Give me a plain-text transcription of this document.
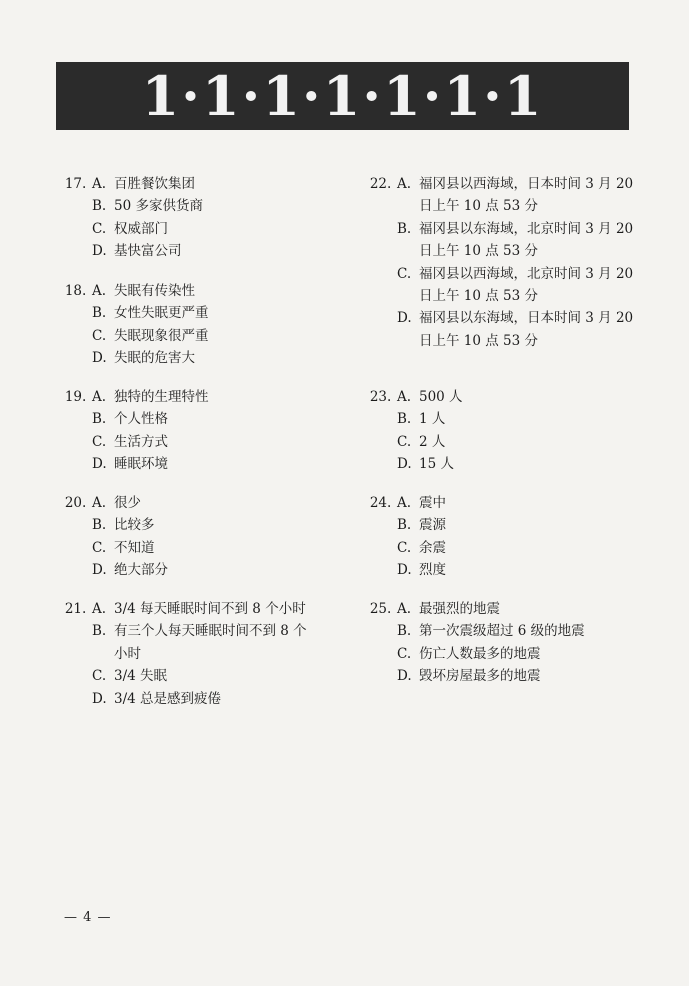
1·1·1·1·1·1·1
17 . A. 百胜餐饮集团
B. 50 多家供货商
C. 权威部门
D. 基快富公司
18 . A. 失眠有传染性
B. 女性失眠更严重
C. 失眠现象很严重
D. 失眠的危害大
19 . A. 独特的生理特性
B. 个人性格
C. 生活方式
D. 睡眠环境
20 . A. 很少
B. 比较多
C. 不知道
D. 绝大部分
21 . A. 3/4 每天睡眠时间不到 8 个小时
B. 有三个人每天睡眠时间不到 8 个
小时
C. 3/4 失眠
D. 3/4 总是感到疲倦
22 . A. 福冈县以西海域，日本时间 3 月 20
日上午 10 点 53 分
B. 福冈县以东海域，北京时间 3 月 20
日上午 10 点 53 分
C. 福冈县以西海域，北京时间 3 月 20
日上午 10 点 53 分
D. 福冈县以东海域，日本时间 3 月 20
日上午 10 点 53 分
23 . A. 500 人
B. 1 人
C. 2 人
D. 15 人
24 . A. 震中
B. 震源
C. 余震
D. 烈度
25 . A. 最强烈的地震
B. 第一次震级超过 6 级的地震
C. 伤亡人数最多的地震
D. 毁坏房屋最多的地震
— 4 —
